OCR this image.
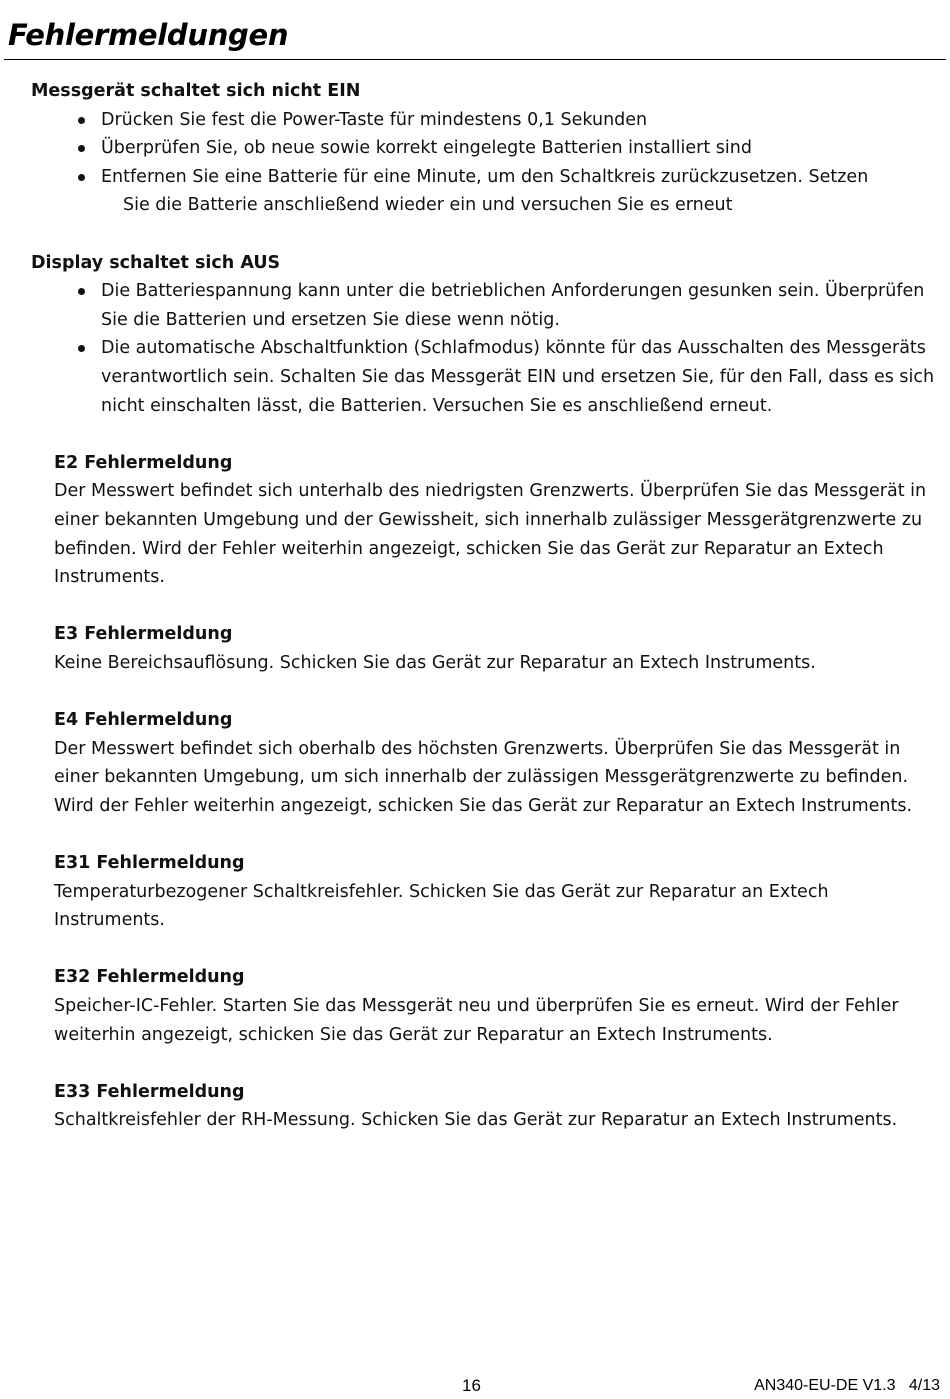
Fehlermeldungen
Messgerät schaltet sich nicht EIN
Drücken Sie fest die Power-Taste für mindestens 0,1 Sekunden
Überprüfen Sie, ob neue sowie korrekt eingelegte Batterien installiert sind
Entfernen Sie eine Batterie für eine Minute, um den Schaltkreis zurückzusetzen. Setzen
Sie die Batterie anschließend wieder ein und versuchen Sie es erneut
Display schaltet sich AUS
Die Batteriespannung kann unter die betrieblichen Anforderungen gesunken sein. Überprüfen Sie die Batterien und ersetzen Sie diese wenn nötig.
Die automatische Abschaltfunktion (Schlafmodus) könnte für das Ausschalten des Messgeräts verantwortlich sein. Schalten Sie das Messgerät EIN und ersetzen Sie, für den Fall, dass es sich nicht einschalten lässt, die Batterien. Versuchen Sie es anschließend erneut.
E2 Fehlermeldung
Der Messwert befindet sich unterhalb des niedrigsten Grenzwerts. Überprüfen Sie das Messgerät in einer bekannten Umgebung und der Gewissheit, sich innerhalb zulässiger Messgerätgrenzwerte zu befinden. Wird der Fehler weiterhin angezeigt, schicken Sie das Gerät zur Reparatur an Extech Instruments.
E3 Fehlermeldung
Keine Bereichsauflösung. Schicken Sie das Gerät zur Reparatur an Extech Instruments.
E4 Fehlermeldung
Der Messwert befindet sich oberhalb des höchsten Grenzwerts. Überprüfen Sie das Messgerät in einer bekannten Umgebung, um sich innerhalb der zulässigen Messgerätgrenzwerte zu befinden. Wird der Fehler weiterhin angezeigt, schicken Sie das Gerät zur Reparatur an Extech Instruments.
E31 Fehlermeldung
Temperaturbezogener Schaltkreisfehler. Schicken Sie das Gerät zur Reparatur an Extech Instruments.
E32 Fehlermeldung
Speicher-IC-Fehler. Starten Sie das Messgerät neu und überprüfen Sie es erneut. Wird der Fehler weiterhin angezeigt, schicken Sie das Gerät zur Reparatur an Extech Instruments.
E33 Fehlermeldung
Schaltkreisfehler der RH-Messung. Schicken Sie das Gerät zur Reparatur an Extech Instruments.
16	AN340-EU-DE V1.3   4/13
